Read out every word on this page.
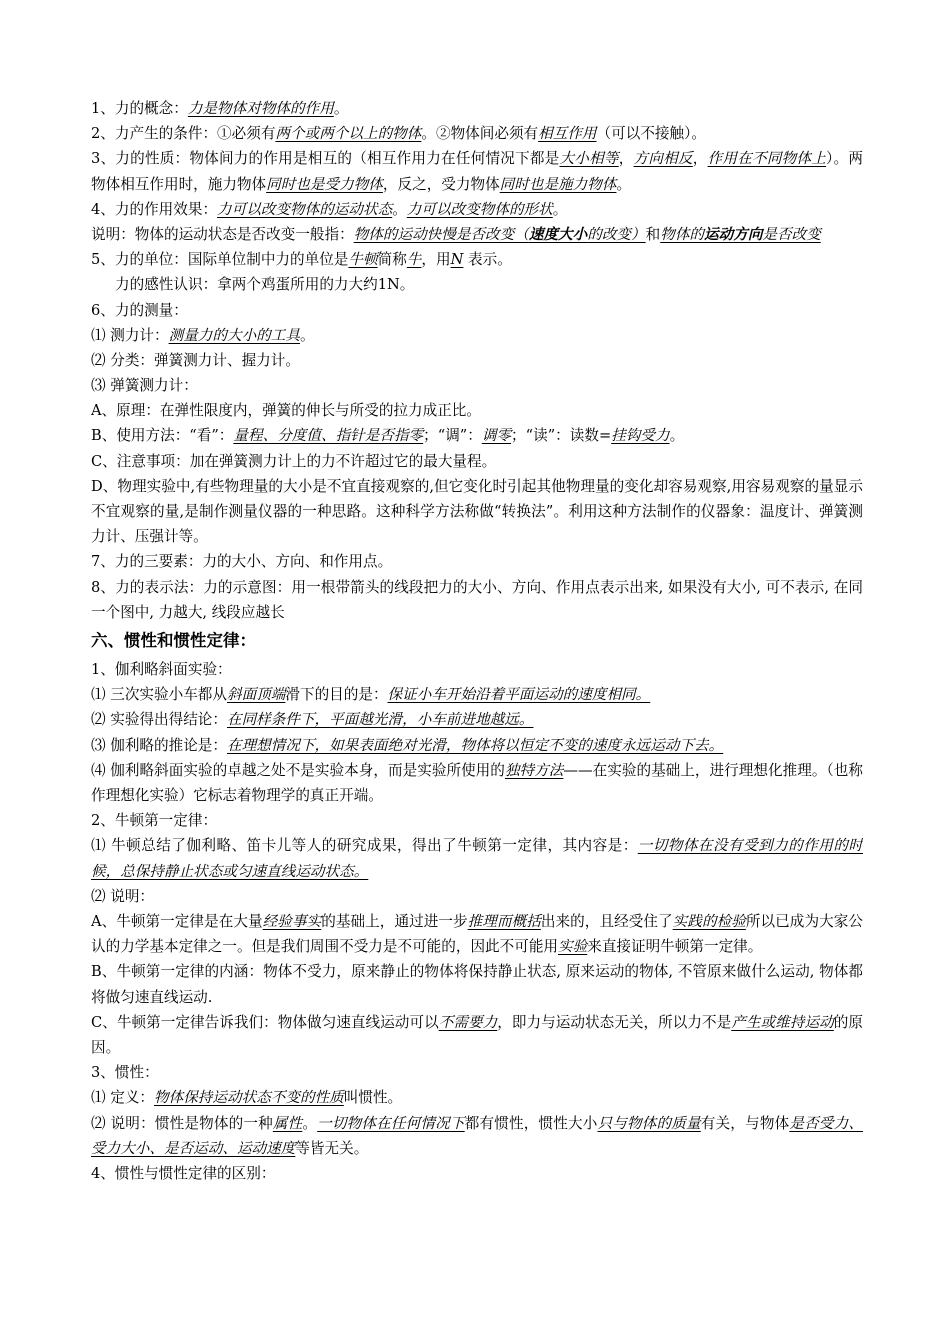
1、力的概念：力是物体对物体的作用。
2、力产生的条件：①必须有两个或两个以上的物体。②物体间必须有相互作用（可以不接触）。
3、力的性质：物体间力的作用是相互的（相互作用力在任何情况下都是大小相等，方向相反，作用在不同物体上）。两物体相互作用时，施力物体同时也是受力物体，反之，受力物体同时也是施力物体。
4、力的作用效果：力可以改变物体的运动状态。力可以改变物体的形状。
说明：物体的运动状态是否改变一般指：物体的运动快慢是否改变（速度大小的改变）和物体的运动方向是否改变
5、力的单位：国际单位制中力的单位是牛顿简称牛，用N 表示。
力的感性认识：拿两个鸡蛋所用的力大约1N。
6、力的测量：
⑴ 测力计：测量力的大小的工具。
⑵ 分类：弹簧测力计、握力计。
⑶ 弹簧测力计：
A、原理：在弹性限度内，弹簧的伸长与所受的拉力成正比。
B、使用方法：“看”：量程、分度值、指针是否指零；“调”：调零；“读”：读数=挂钩受力。
C、注意事项：加在弹簧测力计上的力不许超过它的最大量程。
D、物理实验中,有些物理量的大小是不宜直接观察的,但它变化时引起其他物理量的变化却容易观察,用容易观察的量显示不宜观察的量,是制作测量仪器的一种思路。这种科学方法称做“转换法”。利用这种方法制作的仪器象：温度计、弹簧测力计、压强计等。
7、力的三要素：力的大小、方向、和作用点。
8、力的表示法：力的示意图：用一根带箭头的线段把力的大小、方向、作用点表示出来, 如果没有大小, 可不表示, 在同一个图中, 力越大, 线段应越长
六、惯性和惯性定律：
1、伽利略斜面实验：
⑴ 三次实验小车都从斜面顶端滑下的目的是：保证小车开始沿着平面运动的速度相同。
⑵ 实验得出得结论：在同样条件下，平面越光滑，小车前进地越远。
⑶ 伽利略的推论是：在理想情况下，如果表面绝对光滑，物体将以恒定不变的速度永远运动下去。
⑷ 伽利略斜面实验的卓越之处不是实验本身，而是实验所使用的独特方法——在实验的基础上，进行理想化推理。（也称作理想化实验）它标志着物理学的真正开端。
2、牛顿第一定律：
⑴ 牛顿总结了伽利略、笛卡儿等人的研究成果，得出了牛顿第一定律，其内容是：一切物体在没有受到力的作用的时候，总保持静止状态或匀速直线运动状态。
⑵ 说明：
A、牛顿第一定律是在大量经验事实的基础上，通过进一步推理而概括出来的，且经受住了实践的检验所以已成为大家公认的力学基本定律之一。但是我们周围不受力是不可能的，因此不可能用实验来直接证明牛顿第一定律。
B、牛顿第一定律的内涵：物体不受力，原来静止的物体将保持静止状态, 原来运动的物体, 不管原来做什么运动, 物体都将做匀速直线运动.
C、牛顿第一定律告诉我们：物体做匀速直线运动可以不需要力，即力与运动状态无关，所以力不是产生或维持运动的原因。
3、惯性：
⑴ 定义：物体保持运动状态不变的性质叫惯性。
⑵ 说明：惯性是物体的一种属性。一切物体在任何情况下都有惯性，惯性大小只与物体的质量有关，与物体是否受力、受力大小、是否运动、运动速度等皆无关。
4、惯性与惯性定律的区别：
